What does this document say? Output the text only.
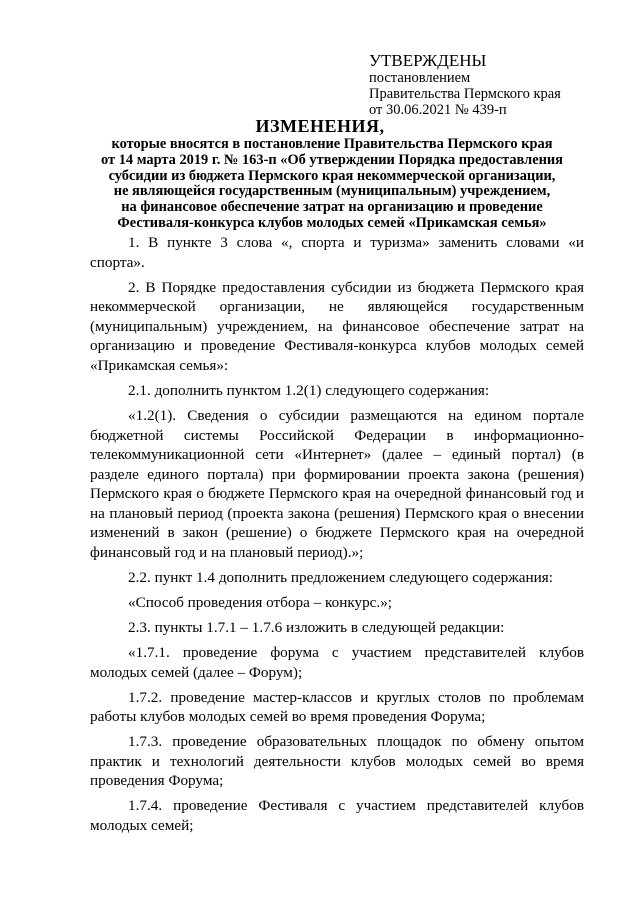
УТВЕРЖДЕНЫ
постановлением
Правительства Пермского края
от 30.06.2021 № 439-п
ИЗМЕНЕНИЯ,
которые вносятся в постановление Правительства Пермского края
от 14 марта 2019 г. № 163-п «Об утверждении Порядка предоставления
субсидии из бюджета Пермского края некоммерческой организации,
не являющейся государственным (муниципальным) учреждением,
на финансовое обеспечение затрат на организацию и проведение
Фестиваля-конкурса клубов молодых семей «Прикамская семья»

1. В пункте 3 слова «, спорта и туризма» заменить словами «и спорта».

2. В Порядке предоставления субсидии из бюджета Пермского края некоммерческой организации, не являющейся государственным (муниципальным) учреждением, на финансовое обеспечение затрат на организацию и проведение Фестиваля-конкурса клубов молодых семей «Прикамская семья»:

2.1. дополнить пунктом 1.2(1) следующего содержания:

«1.2(1). Сведения о субсидии размещаются на едином портале бюджетной системы Российской Федерации в информационно-телекоммуникационной сети «Интернет» (далее – единый портал) (в разделе единого портала) при формировании проекта закона (решения) Пермского края о бюджете Пермского края на очередной финансовый год и на плановый период (проекта закона (решения) Пермского края о внесении изменений в закон (решение) о бюджете Пермского края на очередной финансовый год и на плановый период).»;

2.2. пункт 1.4 дополнить предложением следующего содержания:

«Способ проведения отбора – конкурс.»;

2.3. пункты 1.7.1 – 1.7.6 изложить в следующей редакции:

«1.7.1. проведение форума с участием представителей клубов молодых семей (далее – Форум);

1.7.2. проведение мастер-классов и круглых столов по проблемам работы клубов молодых семей во время проведения Форума;

1.7.3. проведение образовательных площадок по обмену опытом практик и технологий деятельности клубов молодых семей во время проведения Форума;

1.7.4. проведение Фестиваля с участием представителей клубов молодых семей;
